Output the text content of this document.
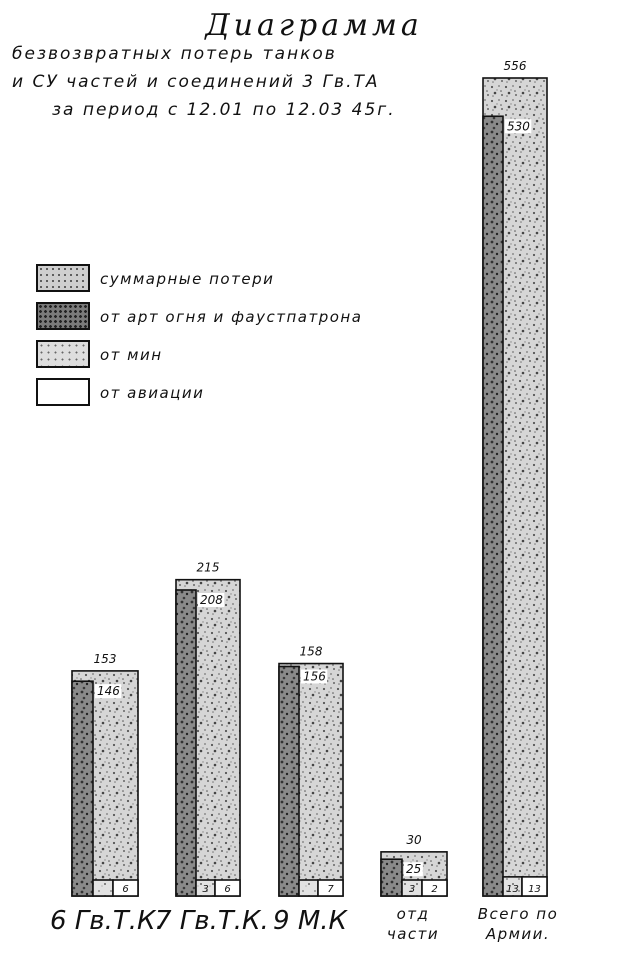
Диаграмма
безвозвратных потерь танков
и СУ частей и соединений 3 Гв.ТА
за период с 12.01 по 12.03 45г.
153
146
6
215
208
3 6
158
156
7
30
25
3 2
556
530
13 13
суммарные потери
от арт огня и фаустпатрона
от мин
от авиации
6 Гв.Т.К.
7 Гв.Т.К. 9 М.К	отд
части
Всего по
Армии.
